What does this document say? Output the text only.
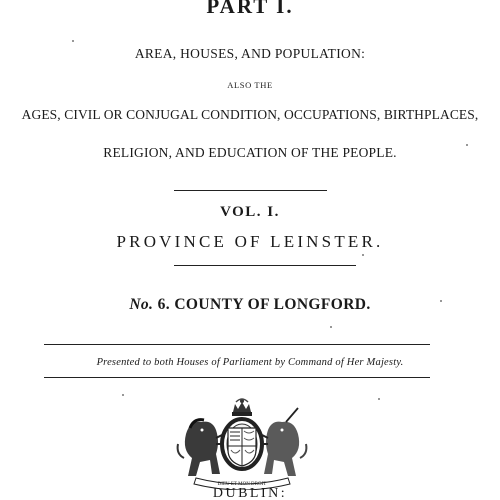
PART I.
AREA, HOUSES, AND POPULATION:
ALSO THE
AGES, CIVIL OR CONJUGAL CONDITION, OCCUPATIONS, BIRTHPLACES,
RELIGION, AND EDUCATION OF THE PEOPLE.
VOL. I.
PROVINCE OF LEINSTER.
No. 6. COUNTY OF LONGFORD.
Presented to both Houses of Parliament by Command of Her Majesty.
DIEU ET MON DROIT
DUBLIN:
